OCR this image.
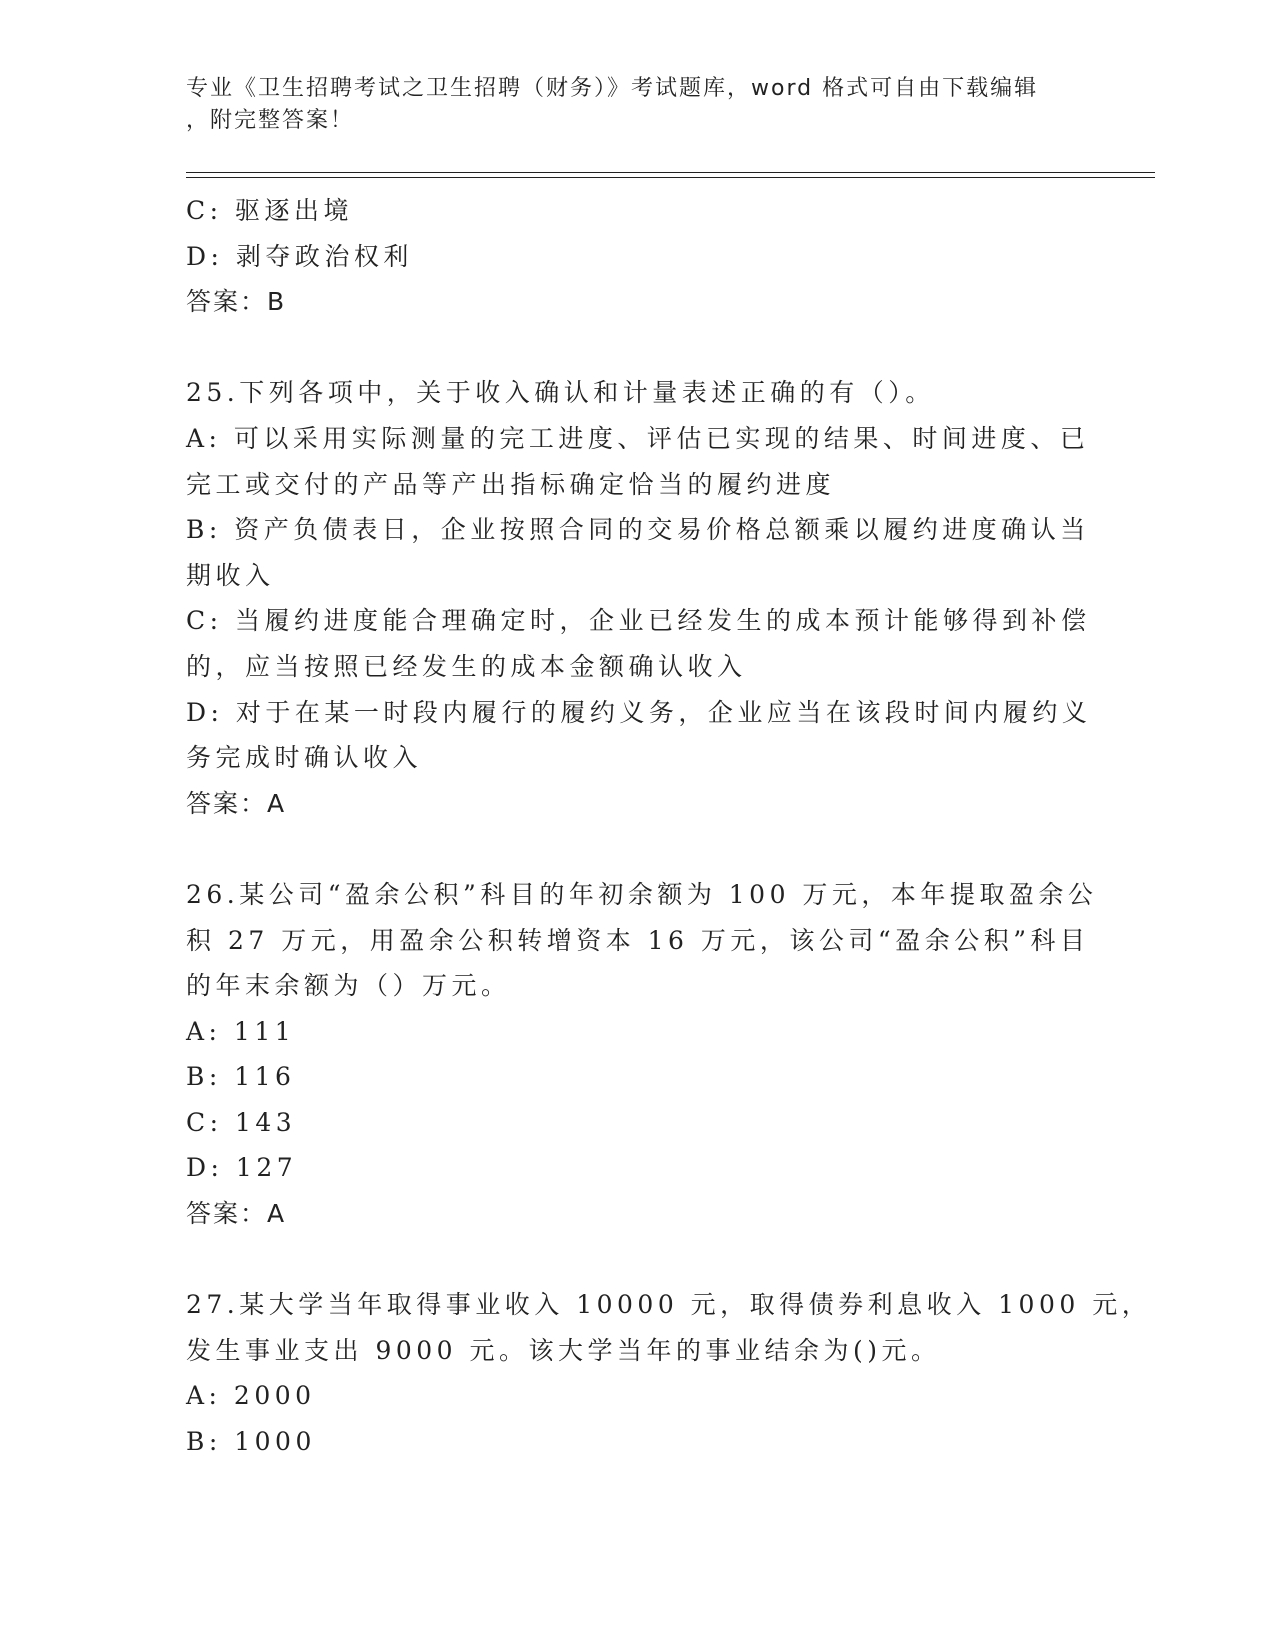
专业《卫生招聘考试之卫生招聘（财务）》考试题库，word 格式可自由下载编辑
，附完整答案！
C: 驱逐出境
D: 剥夺政治权利
答案：B
25.下列各项中，关于收入确认和计量表述正确的有（）。
A: 可以采用实际测量的完工进度、评估已实现的结果、时间进度、已
完工或交付的产品等产出指标确定恰当的履约进度
B: 资产负债表日，企业按照合同的交易价格总额乘以履约进度确认当
期收入
C: 当履约进度能合理确定时，企业已经发生的成本预计能够得到补偿
的，应当按照已经发生的成本金额确认收入
D: 对于在某一时段内履行的履约义务，企业应当在该段时间内履约义
务完成时确认收入
答案：A
26.某公司“盈余公积”科目的年初余额为 100 万元，本年提取盈余公
积 27 万元，用盈余公积转增资本 16 万元，该公司“盈余公积”科目
的年末余额为（）万元。
A: 111
B: 116
C: 143
D: 127
答案：A
27.某大学当年取得事业收入 10000 元，取得债券利息收入 1000 元，
发生事业支出 9000 元。该大学当年的事业结余为()元。
A: 2000
B: 1000
